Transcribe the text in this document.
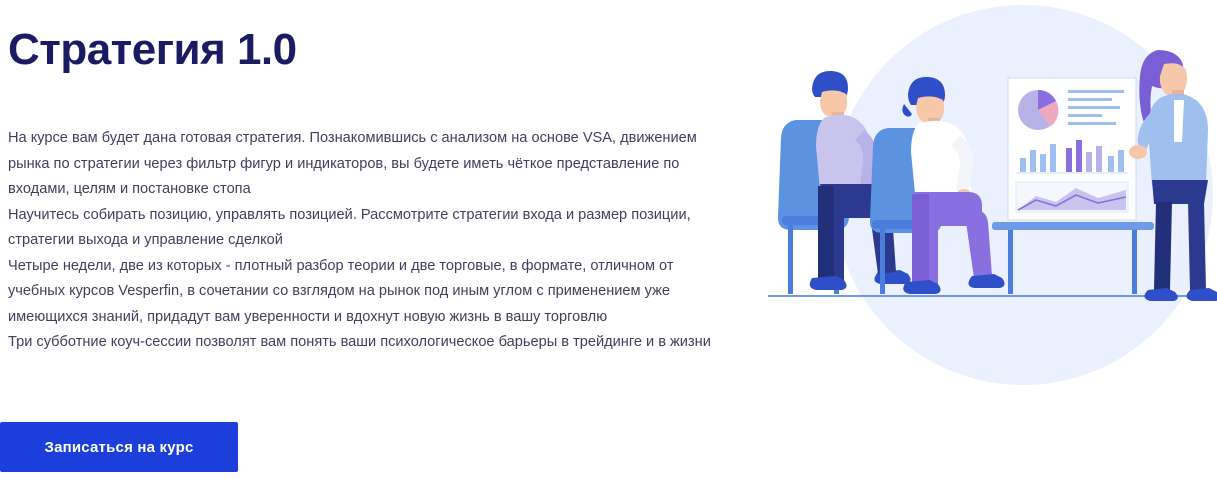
Стратегия 1.0

На курсе вам будет дана готовая стратегия. Познакомившись с анализом на основе VSA, движением рынка по стратегии через фильтр фигур и индикаторов, вы будете иметь чёткое представление по входами, целям и постановке стопа

Научитесь собирать позицию, управлять позицией. Рассмотрите стратегии входа и размер позиции, стратегии выхода и управление сделкой

Четыре недели, две из которых - плотный разбор теории и две торговые, в формате, отличном от учебных курсов Vesperfin, в сочетании со взглядом на рынок под иным углом с применением уже имеющихся знаний, придадут вам уверенности и вдохнут новую жизнь в вашу торговлю

Три субботние коуч-сессии позволят вам понять ваши психологическое барьеры в трейдинге и в жизни

Записаться на курс
